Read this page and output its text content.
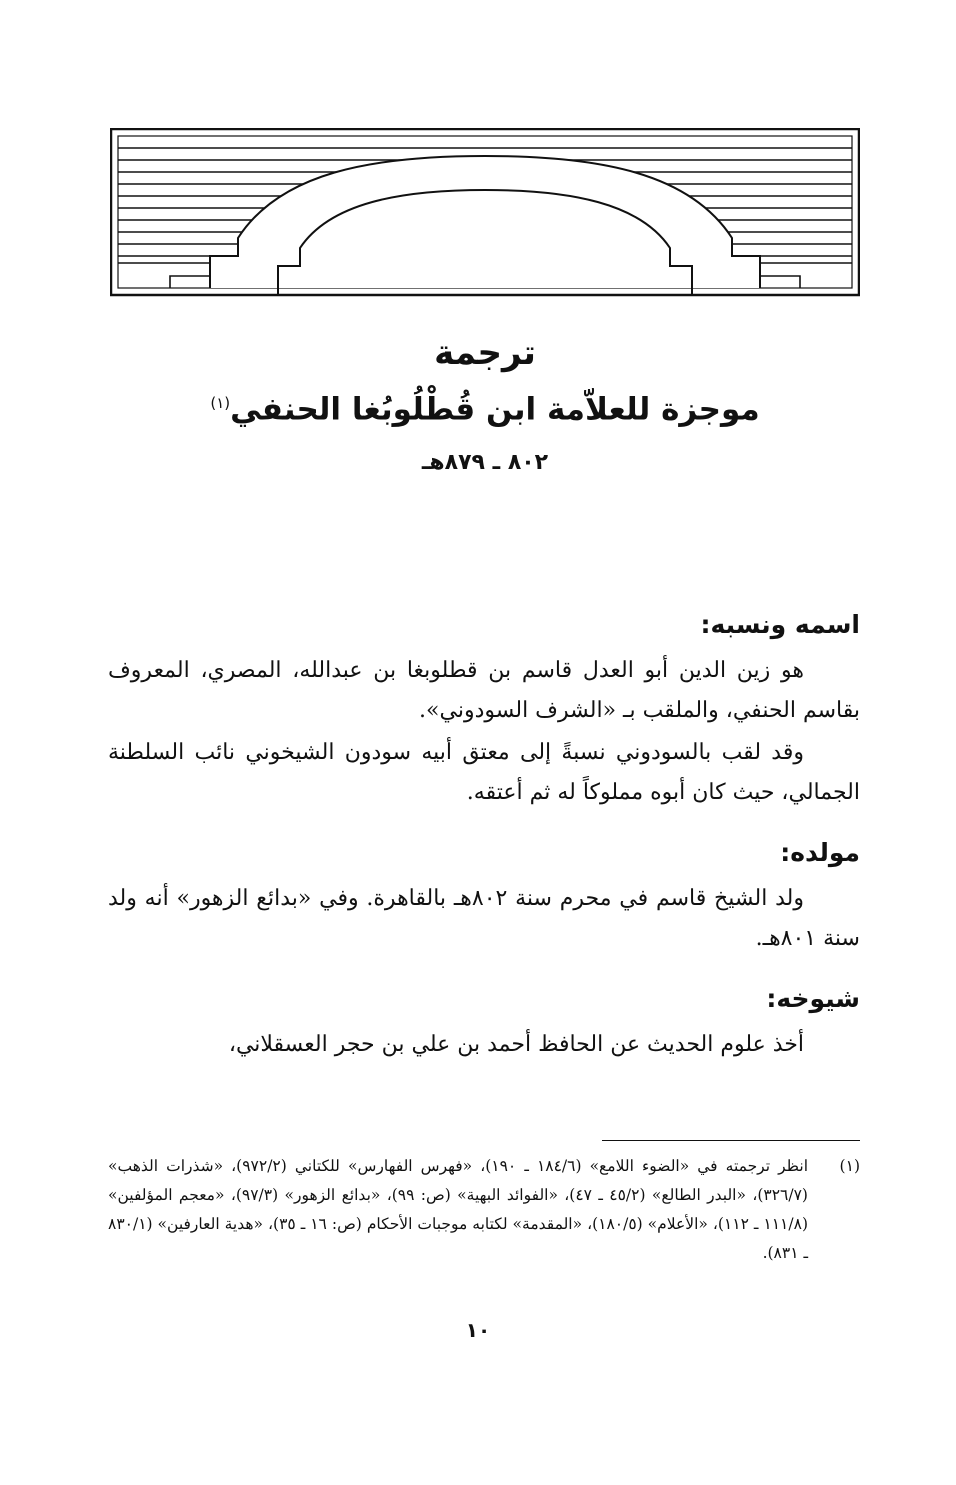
ترجمة

موجزة للعلاّمة ابن قُطْلُوبُغا الحنفي$^{(١)}$

٨٠٢ ـ ٨٧٩هـ

اسمه ونسبه:

هو زين الدين أبو العدل قاسم بن قطلوبغا بن عبدالله، المصري، المعروف بقاسم الحنفي، والملقب بـ «الشرف السودوني».

وقد لقب بالسودوني نسبةً إلى معتق أبيه سودون الشيخوني نائب السلطنة الجمالي، حيث كان أبوه مملوكاً له ثم أعتقه.

مولده:

ولد الشيخ قاسم في محرم سنة ٨٠٢هـ بالقاهرة. وفي «بدائع الزهور» أنه ولد سنة ٨٠١هـ.

شيوخه:

أخذ علوم الحديث عن الحافظ أحمد بن علي بن حجر العسقلاني،

(١)انظر ترجمته في «الضوء اللامع» (١٨٤/٦ ـ ١٩٠)، «فهرس الفهارس» للكتاني (٩٧٢/٢)، «شذرات الذهب» (٣٢٦/٧)، «البدر الطالع» (٤٥/٢ ـ ٤٧)، «الفوائد البهية» (ص: ٩٩)، «بدائع الزهور» (٩٧/٣)، «معجم المؤلفين» (١١١/٨ ـ ١١٢)، «الأعلام» (١٨٠/٥)، «المقدمة» لكتابه موجبات الأحكام (ص: ١٦ ـ ٣٥)، «هدية العارفين» (٨٣٠/١ ـ ٨٣١).

١٠
